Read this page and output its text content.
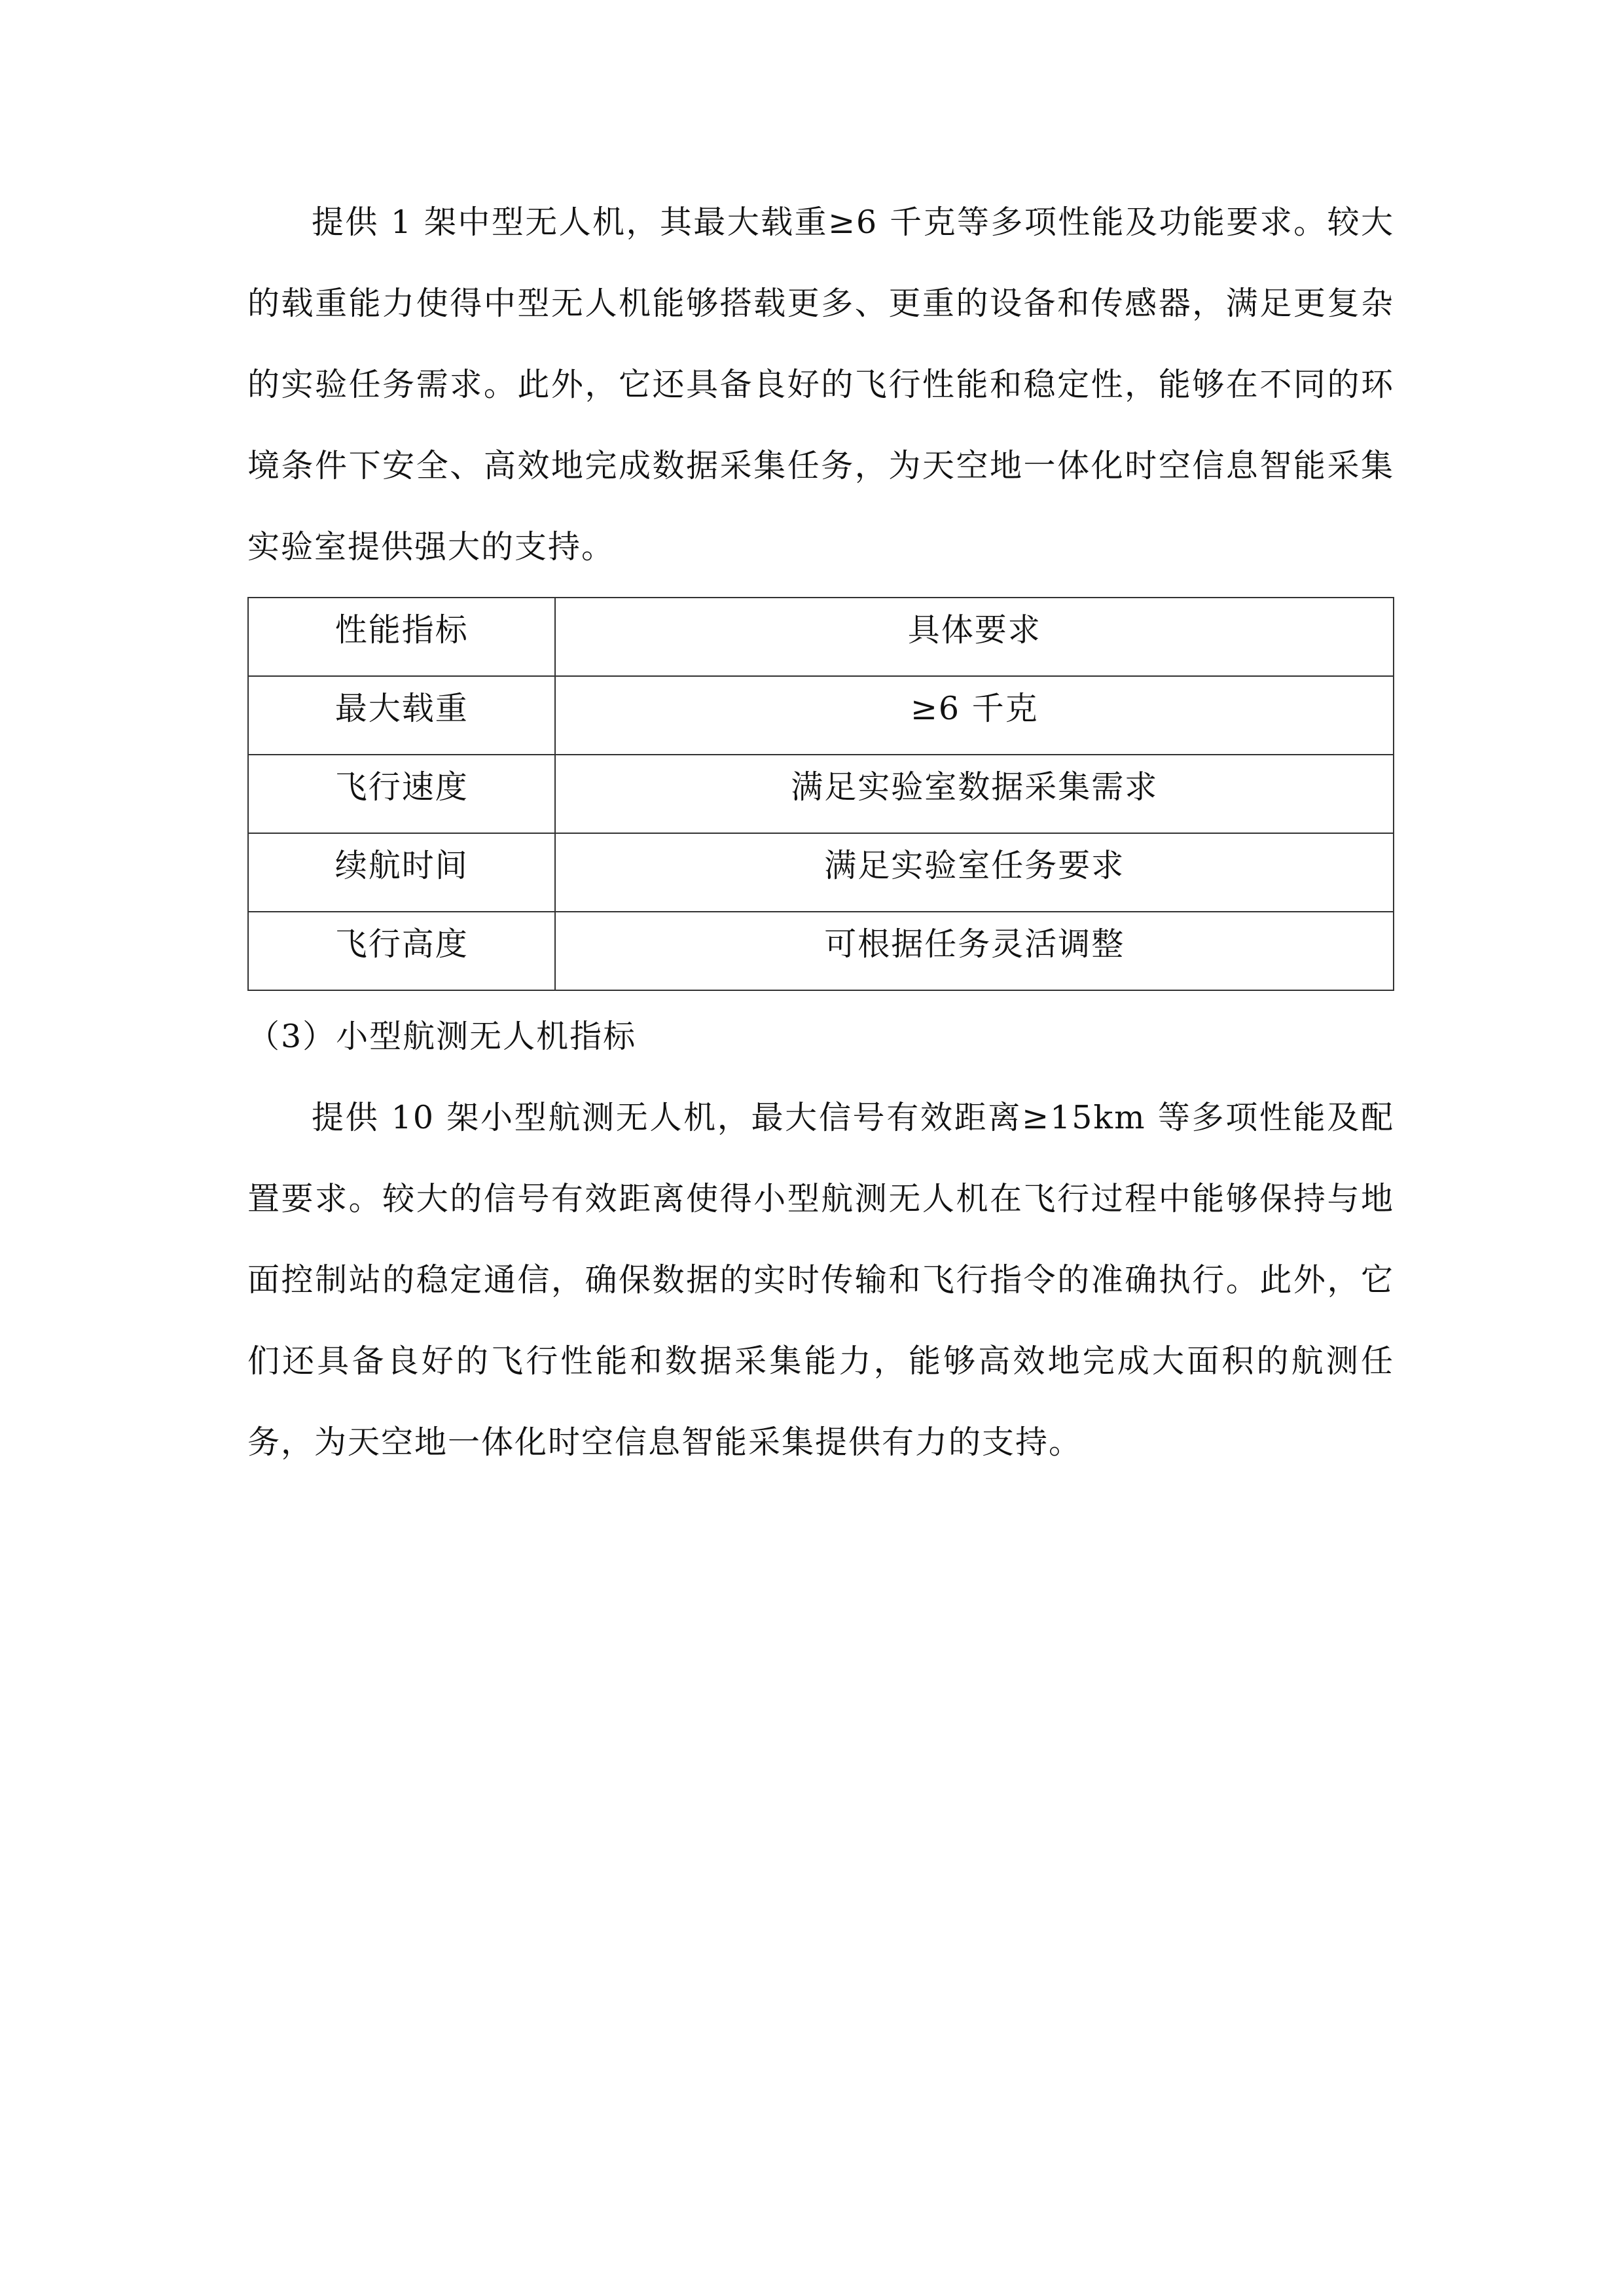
提供 1 架中型无人机，其最大载重≥6 千克等多项性能及功能要求。较大的载重能力使得中型无人机能够搭载更多、更重的设备和传感器，满足更复杂的实验任务需求。此外，它还具备良好的飞行性能和稳定性，能够在不同的环境条件下安全、高效地完成数据采集任务，为天空地一体化时空信息智能采集实验室提供强大的支持。

性能指标	具体要求
最大载重	≥6 千克
飞行速度	满足实验室数据采集需求
续航时间	满足实验室任务要求
飞行高度	可根据任务灵活调整

（3）小型航测无人机指标

提供 10 架小型航测无人机，最大信号有效距离≥15km 等多项性能及配置要求。较大的信号有效距离使得小型航测无人机在飞行过程中能够保持与地面控制站的稳定通信，确保数据的实时传输和飞行指令的准确执行。此外，它们还具备良好的飞行性能和数据采集能力，能够高效地完成大面积的航测任务，为天空地一体化时空信息智能采集提供有力的支持。
